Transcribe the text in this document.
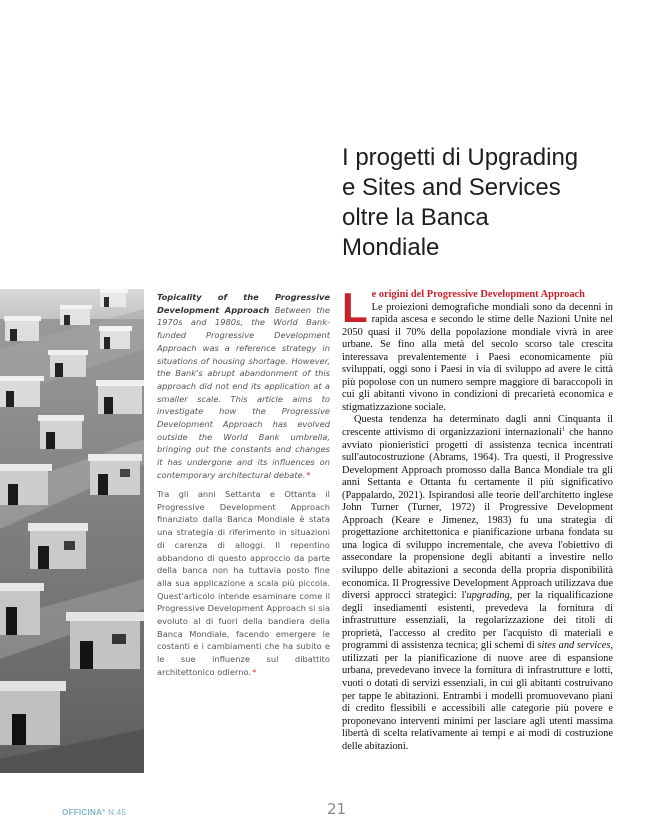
I progetti di Upgrading
e Sites and Services
oltre la Banca
Mondiale

Topicality of the Progressive Development Approach Between the 1970s and 1980s, the World Bank-funded Progressive Development Approach was a reference strategy in situations of housing shortage. However, the Bank's abrupt abandonment of this approach did not end its application at a smaller scale. This article aims to investigate how the Progressive Development Approach has evolved outside the World Bank umbrella, bringing out the constants and changes it has undergone and its influences on contemporary architectural debate.*

Tra gli anni Settanta e Ottanta il Progressive Development Approach finanziato dalla Banca Mondiale è stata una strategia di riferimento in situazioni di carenza di alloggi. Il repentino abbandono di questo approccio da parte della banca non ha tuttavia posto fine alla sua applicazione a scala più piccola. Quest'articolo intende esaminare come il Progressive Development Approach si sia evoluto al di fuori della bandiera della Banca Mondiale, facendo emergere le costanti e i cambiamenti che ha subito e le sue influenze sul dibattito architettonico odierno.*

L e origini del Progressive Development Approach

Le proiezioni demografiche mondiali sono da decenni in rapida ascesa e secondo le stime delle Nazioni Unite nel 2050 quasi il 70% della popolazione mondiale vivrà in aree urbane. Se fino alla metà del secolo scorso tale crescita interessava prevalentemente i Paesi economicamente più sviluppati, oggi sono i Paesi in via di sviluppo ad avere le città più popolose con un numero sempre maggiore di baraccopoli in cui gli abitanti vivono in condizioni di precarietà economica e stigmatizzazione sociale.

Questa tendenza ha determinato dagli anni Cinquanta il crescente attivismo di organizzazioni internazionali$^1$ che hanno avviato pionieristici progetti di assistenza tecnica incentrati sull'autocostruzione (Abrams, 1964). Tra questi, il Progressive Development Approach promosso dalla Banca Mondiale tra gli anni Settanta e Ottanta fu certamente il più significativo (Pappalardo, 2021). Ispirandosi alle teorie dell'architetto inglese John Turner (Turner, 1972) il Progressive Development Approach (Keare e Jimenez, 1983) fu una strategia di progettazione architettonica e pianificazione urbana fondata su una logica di sviluppo incrementale, che aveva l'obiettivo di assecondare la propensione degli abitanti a investire nello sviluppo delle abitazioni a seconda della propria disponibilità economica. Il Progressive Development Approach utilizzava due diversi approcci strategici: l'upgrading, per la riqualificazione degli insediamenti esistenti, prevedeva la fornitura di infrastrutture essenziali, la regolarizzazione dei titoli di proprietà, l'accesso al credito per l'acquisto di materiali e programmi di assistenza tecnica; gli schemi di sites and services, utilizzati per la pianificazione di nuove aree di espansione urbana, prevedevano invece la fornitura di infrastrutture e lotti, vuoti o dotati di servizi essenziali, in cui gli abitanti costruivano per tappe le abitazioni. Entrambi i modelli promuovevano piani di credito flessibili e accessibili alle categorie più povere e proponevano interventi minimi per lasciare agli utenti massima libertà di scelta relativamente ai tempi e ai modi di costruzione delle abitazioni.

OFFICINA* N.45	21
